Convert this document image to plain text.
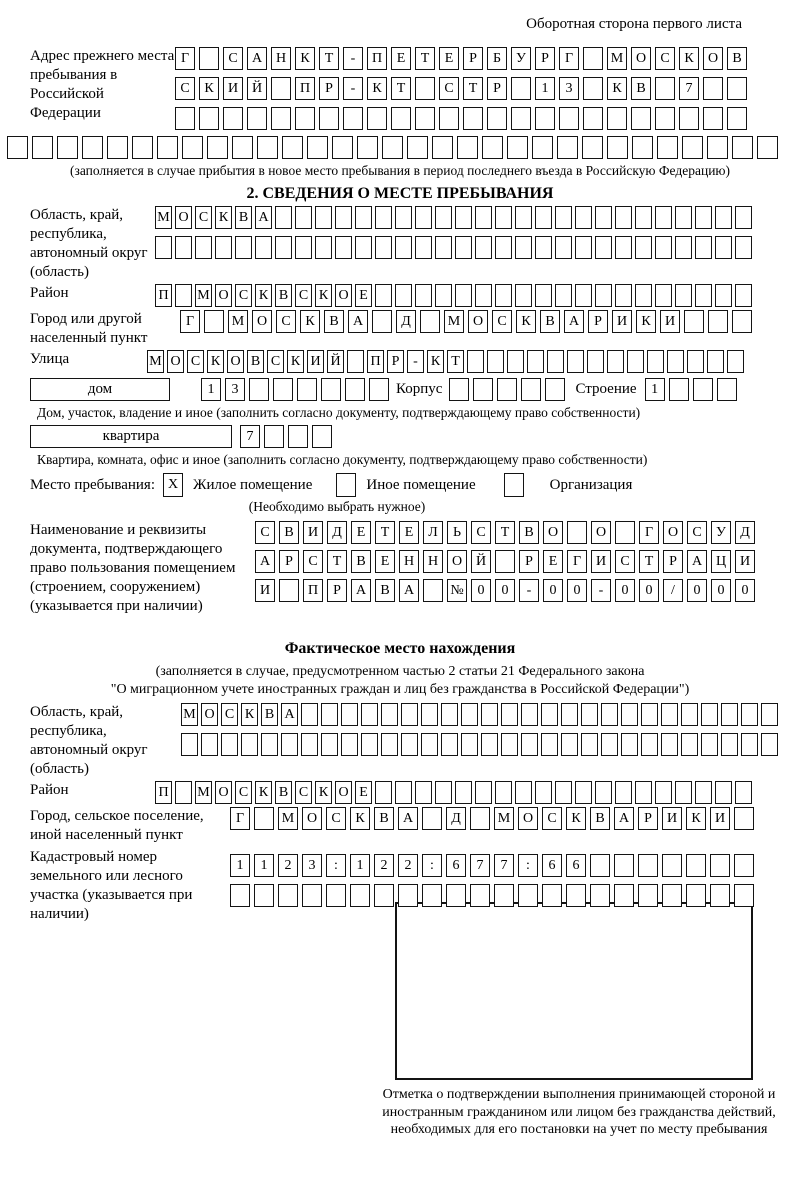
Оборотная сторона первого листа
Адрес прежнего места пребывания в Российской Федерации
Г	С	А Н	К	Т	-	П	Е	Т	Е	Р	Б	У	Р	Г	М О	С	К	О	В
С	К	И Й	П	Р	-	К	Т	С	Т	Р	1	3	К	В	7
(заполняется в случае прибытия в новое место пребывания в период последнего въезда в Российскую Федерацию)
2. СВЕДЕНИЯ О МЕСТЕ ПРЕБЫВАНИЯ
Область, край, республика, автономный округ (область)
М О С К В А
Район	П М О С К В С К О Е
Город или другой населенный пункт
Г	М О	С	К	В	А	Д	М О	С	К	В	А	Р	И	К	И
Улица	М О С К О В С К И Й П Р - К Т
дом	1	3	Корпус	Строение	1
Дом, участок, владение и иное (заполнить согласно документу, подтверждающему право собственности)
квартира	7
Квартира, комната, офис и иное (заполнить согласно документу, подтверждающему право собственности)
Место пребывания: X Жилое помещение	Иное помещение	Организация
(Необходимо выбрать нужное)
Наименование и реквизиты документа, подтверждающего право пользования помещением (строением, сооружением) (указывается при наличии)
С	В	И	Д	Е	Т	Е	Л	Ь	С	Т	В	О	О	Г	О	С	У	Д
А	Р	С	Т	В	Е	Н Н О Й	Р	Е	Г	И	С	Т	Р	А Ц И
И	П	Р	А	В	А	№ 0	0	-	0	0	-	0	0	/	0	0	0
Фактическое место нахождения
(заполняется в случае, предусмотренном частью 2 статьи 21 Федерального закона
"О миграционном учете иностранных граждан и лиц без гражданства в Российской Федерации")
Область, край, республика, автономный округ (область)
М О С К В А
Район	П М О С К В С К О Е
Город, сельское поселение, иной населенный пункт
Г	М О	С	К	В	А	Д	М О	С	К	В	А	Р	И	К	И
Кадастровый номер земельного или лесного участка (указывается при наличии)
1	1	2	3	:	1	2	2	:	6	7	7	:	6	6
Отметка о подтверждении выполнения принимающей стороной и иностранным гражданином или лицом без гражданства действий, необходимых для его постановки на учет по месту пребывания
